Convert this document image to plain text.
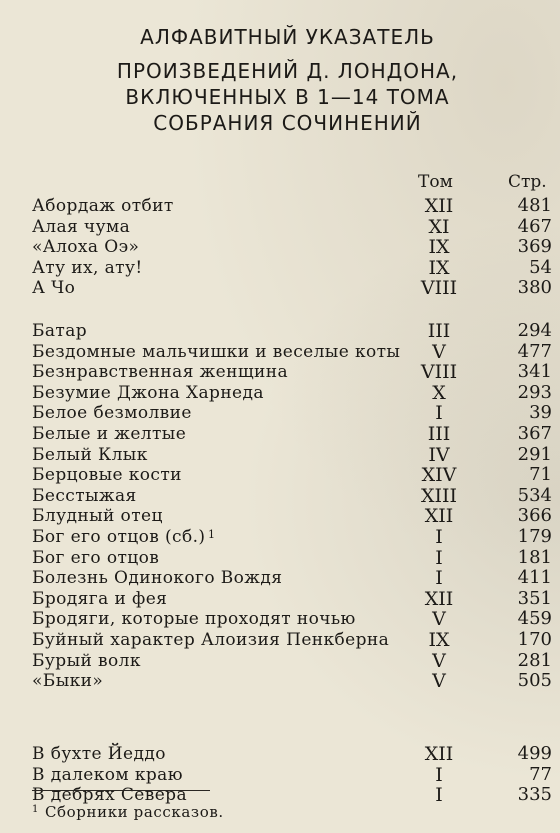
АЛФАВИТНЫЙ УКАЗАТЕЛЬ
ПРОИЗВЕДЕНИЙ Д. ЛОНДОНА,
ВКЛЮЧЕННЫХ В 1—14 ТОМА
СОБРАНИЯ СОЧИНЕНИЙ
Том	Стр.
Абордаж отбит	XII	481
Алая чума	XI	467
«Алоха Оэ»	IX	369
Ату их, ату!	IX	54
А Чо	VIII	380
Батар	III	294
Бездомные мальчишки и веселые коты	V	477
Безнравственная женщина	VIII	341
Безумие Джона Харнеда	X	293
Белое безмолвие	I	39
Белые и желтые	III	367
Белый Клык	IV	291
Берцовые кости	XIV	71
Бесстыжая	XIII	534
Блудный отец	XII	366
Бог его отцов (сб.) 1	I	179
Бог его отцов	I	181
Болезнь Одинокого Вождя	I	411
Бродяга и фея	XII	351
Бродяги, которые проходят ночью	V	459
Буйный характер Алоизия Пенкберна	IX	170
Бурый волк	V	281
«Быки»	V	505
В бухте Йеддо	XII	499
В далеком краю	I	77
В дебрях Севера	I	335
$^1$ Сборники рассказов.
